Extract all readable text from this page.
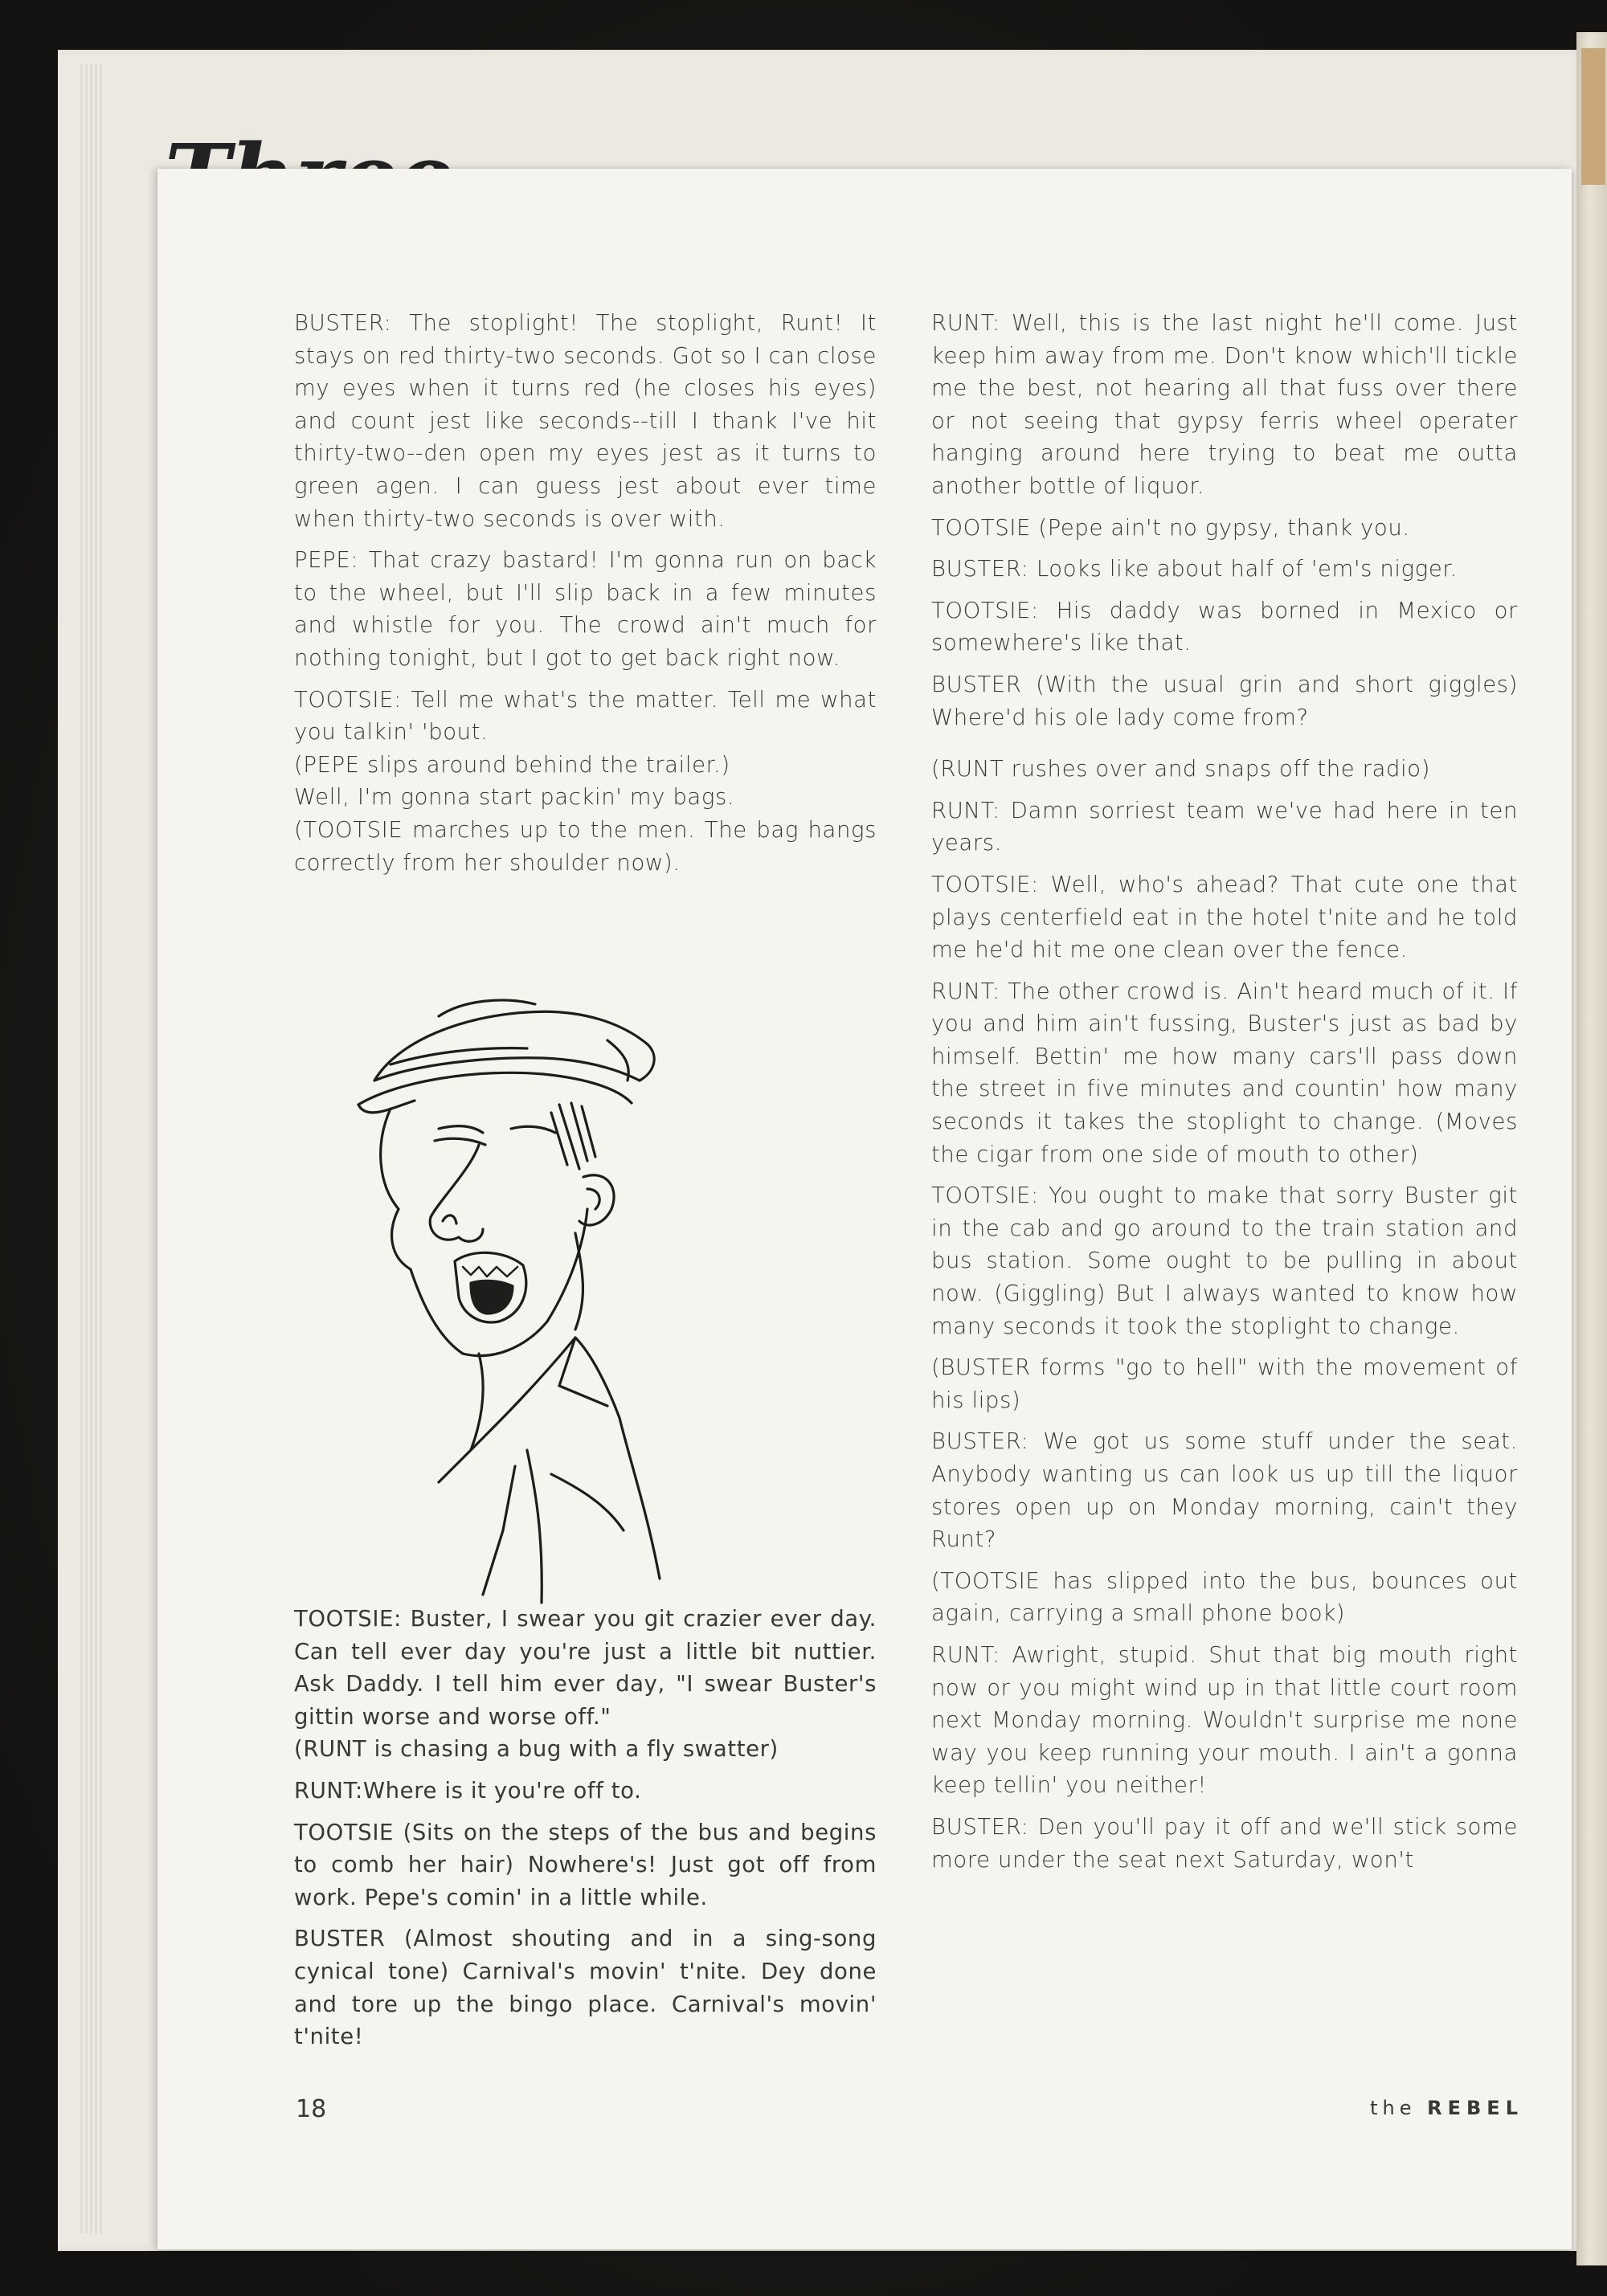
BUSTER: The stoplight! The stoplight, Runt! It stays on red thirty-two seconds. Got so I can close my eyes when it turns red (he closes his eyes) and count jest like seconds--till I thank I've hit thirty-two--den open my eyes jest as it turns to green agen. I can guess jest about ever time when thirty-two seconds is over with.

PEPE: That crazy bastard! I'm gonna run on back to the wheel, but I'll slip back in a few minutes and whistle for you. The crowd ain't much for nothing tonight, but I got to get back right now.

TOOTSIE: Tell me what's the matter. Tell me what you talkin' 'bout.

(PEPE slips around behind the trailer.)

Well, I'm gonna start packin' my bags.

(TOOTSIE marches up to the men. The bag hangs correctly from her shoulder now).

TOOTSIE: Buster, I swear you git crazier ever day. Can tell ever day you're just a little bit nuttier. Ask Daddy. I tell him ever day, "I swear Buster's gittin worse and worse off."

(RUNT is chasing a bug with a fly swatter)

RUNT:Where is it you're off to.

TOOTSIE (Sits on the steps of the bus and begins to comb her hair) Nowhere's! Just got off from work. Pepe's comin' in a little while.

BUSTER (Almost shouting and in a sing-song cynical tone) Carnival's movin' t'nite. Dey done and tore up the bingo place. Carnival's movin' t'nite!

RUNT: Well, this is the last night he'll come. Just keep him away from me. Don't know which'll tickle me the best, not hearing all that fuss over there or not seeing that gypsy ferris wheel operater hanging around here trying to beat me outta another bottle of liquor.

TOOTSIE (Pepe ain't no gypsy, thank you.

BUSTER: Looks like about half of 'em's nigger.

TOOTSIE: His daddy was borned in Mexico or somewhere's like that.

BUSTER (With the usual grin and short giggles) Where'd his ole lady come from?

(RUNT rushes over and snaps off the radio)

RUNT: Damn sorriest team we've had here in ten years.

TOOTSIE: Well, who's ahead? That cute one that plays centerfield eat in the hotel t'nite and he told me he'd hit me one clean over the fence.

RUNT: The other crowd is. Ain't heard much of it. If you and him ain't fussing, Buster's just as bad by himself. Bettin' me how many cars'll pass down the street in five minutes and countin' how many seconds it takes the stoplight to change. (Moves the cigar from one side of mouth to other)

TOOTSIE: You ought to make that sorry Buster git in the cab and go around to the train station and bus station. Some ought to be pulling in about now. (Giggling) But I always wanted to know how many seconds it took the stoplight to change.

(BUSTER forms "go to hell" with the movement of his lips)

BUSTER: We got us some stuff under the seat. Anybody wanting us can look us up till the liquor stores open up on Monday morning, cain't they Runt?

(TOOTSIE has slipped into the bus, bounces out again, carrying a small phone book)

RUNT: Awright, stupid. Shut that big mouth right now or you might wind up in that little court room next Monday morning. Wouldn't surprise me none way you keep running your mouth. I ain't a gonna keep tellin' you neither!

BUSTER: Den you'll pay it off and we'll stick some more under the seat next Saturday, won't

18	the REBEL
